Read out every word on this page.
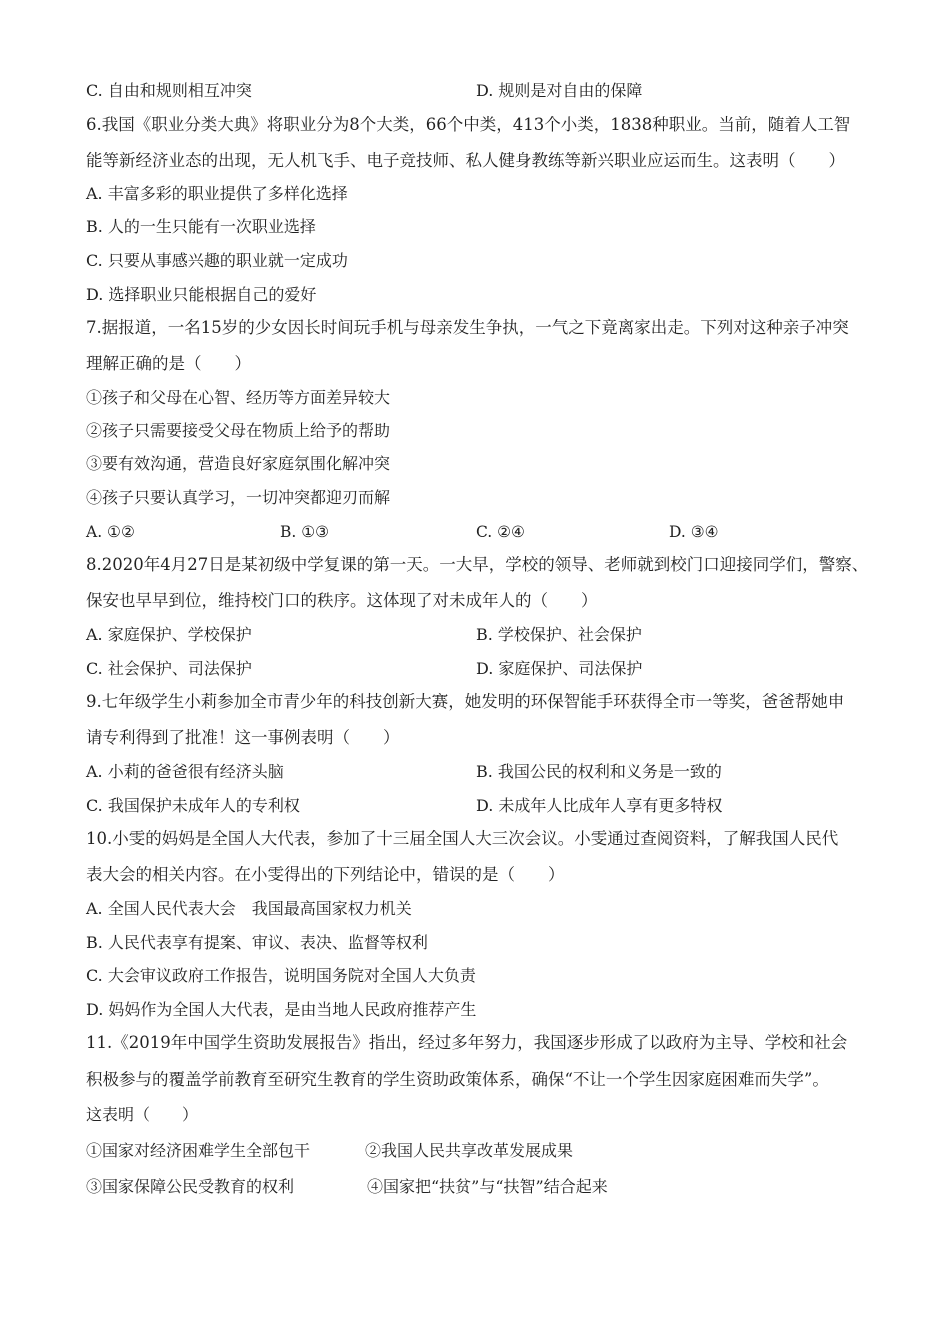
C. 自由和规则相互冲突	D. 规则是对自由的保障
6.我国《职业分类大典》将职业分为8个大类，66个中类，413个小类，1838种职业。当前，随着人工智
能等新经济业态的出现，无人机飞手、电子竞技师、私人健身教练等新兴职业应运而生。这表明（　　）
A. 丰富多彩的职业提供了多样化选择
B. 人的一生只能有一次职业选择
C. 只要从事感兴趣的职业就一定成功
D. 选择职业只能根据自己的爱好
7.据报道，一名15岁的少女因长时间玩手机与母亲发生争执，一气之下竟离家出走。下列对这种亲子冲突
理解正确的是（　　）
①孩子和父母在心智、经历等方面差异较大
②孩子只需要接受父母在物质上给予的帮助
③要有效沟通，营造良好家庭氛围化解冲突
④孩子只要认真学习，一切冲突都迎刃而解
A. ①②	B. ①③	C. ②④	D. ③④
8.2020年4月27日是某初级中学复课的第一天。一大早，学校的领导、老师就到校门口迎接同学们，警察、
保安也早早到位，维持校门口的秩序。这体现了对未成年人的（　　）
A. 家庭保护、学校保护	B. 学校保护、社会保护
C. 社会保护、司法保护	D. 家庭保护、司法保护
9.七年级学生小莉参加全市青少年的科技创新大赛，她发明的环保智能手环获得全市一等奖，爸爸帮她申
请专利得到了批准！这一事例表明（　　）
A. 小莉的爸爸很有经济头脑	B. 我国公民的权利和义务是一致的
C. 我国保护未成年人的专利权	D. 未成年人比成年人享有更多特权
10.小雯的妈妈是全国人大代表，参加了十三届全国人大三次会议。小雯通过查阅资料，了解我国人民代
表大会的相关内容。在小雯得出的下列结论中，错误的是（　　）
A. 全国人民代表大会　我国最高国家权力机关
B. 人民代表享有提案、审议、表决、监督等权利
C. 大会审议政府工作报告，说明国务院对全国人大负责
D. 妈妈作为全国人大代表，是由当地人民政府推荐产生
11.《2019年中国学生资助发展报告》指出，经过多年努力，我国逐步形成了以政府为主导、学校和社会
积极参与的覆盖学前教育至研究生教育的学生资助政策体系，确保“不让一个学生因家庭困难而失学”。
这表明（　　）
①国家对经济困难学生全部包干	②我国人民共享改革发展成果
③国家保障公民受教育的权利	④国家把“扶贫”与“扶智”结合起来
